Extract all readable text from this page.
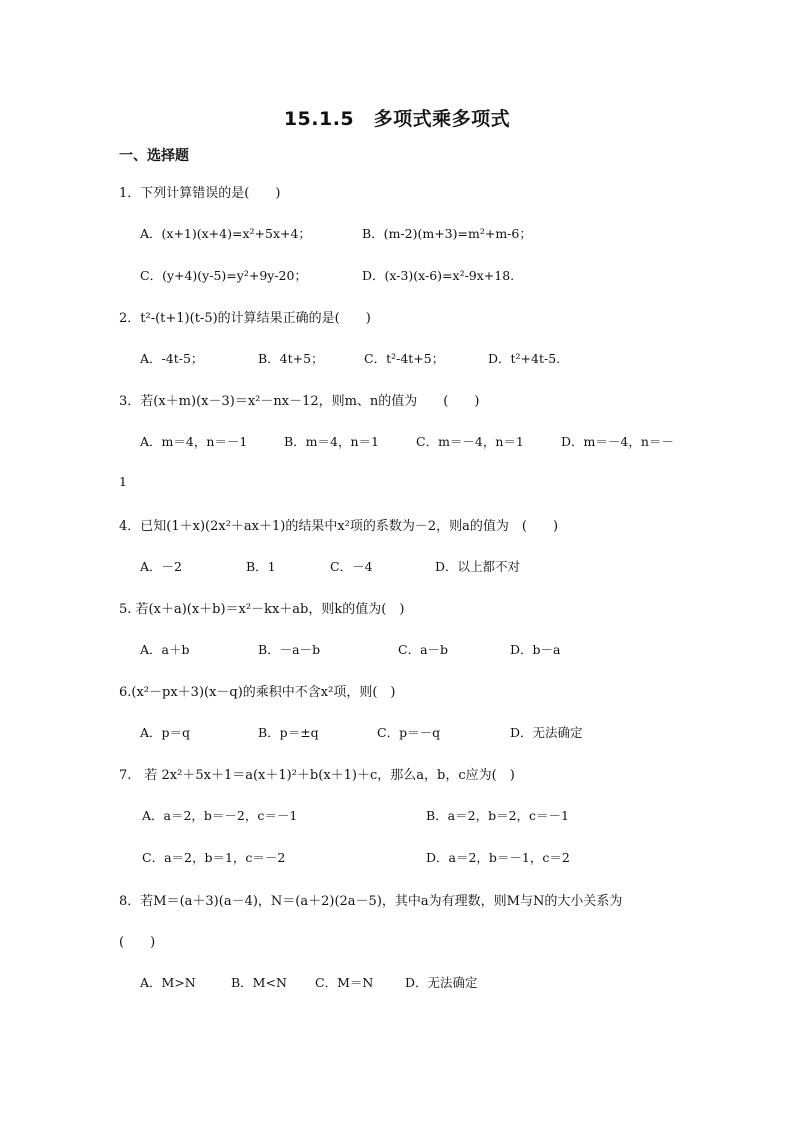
15.1.5　多项式乘多项式
一、选择题
1．下列计算错误的是(　　)
A．(x+1)(x+4)=x²+5x+4；	B．(m-2)(m+3)=m²+m-6；
C．(y+4)(y-5)=y²+9y-20；	D．(x-3)(x-6)=x²-9x+18.
2．t²-(t+1)(t-5)的计算结果正确的是(　　)
A．-4t-5；	B．4t+5；	C．t²-4t+5；	D．t²+4t-5.
3．若(x＋m)(x－3)＝x²－nx－12，则m、n的值为　　(　　)
A．m＝4，n＝－1	B．m＝4，n＝1	C．m＝－4，n＝1	D．m＝－4，n＝－
1
4．已知(1＋x)(2x²＋ax＋1)的结果中x²项的系数为－2，则a的值为　(　　)
A．－2	B．1	C．－4	D．以上都不对
5. 若(x＋a)(x＋b)＝x²－kx＋ab，则k的值为(　)
A．a＋b	B．－a－b	C．a－b	D．b－a
6.(x²－px＋3)(x－q)的乘积中不含x²项，则(　)
A．p＝q	B．p＝±q	C．p＝－q	D．无法确定
7.　若 2x²＋5x＋1＝a(x＋1)²＋b(x＋1)＋c，那么a，b，c应为(　)
A．a＝2，b＝－2，c＝－1	B．a＝2，b＝2，c＝－1
C．a＝2，b＝1，c＝－2	D．a＝2，b＝－1，c＝2
8．若M＝(a＋3)(a－4)，N＝(a＋2)(2a－5)，其中a为有理数，则M与N的大小关系为
(　　)
A．M>N	B．M<N C．M＝N	D．无法确定
